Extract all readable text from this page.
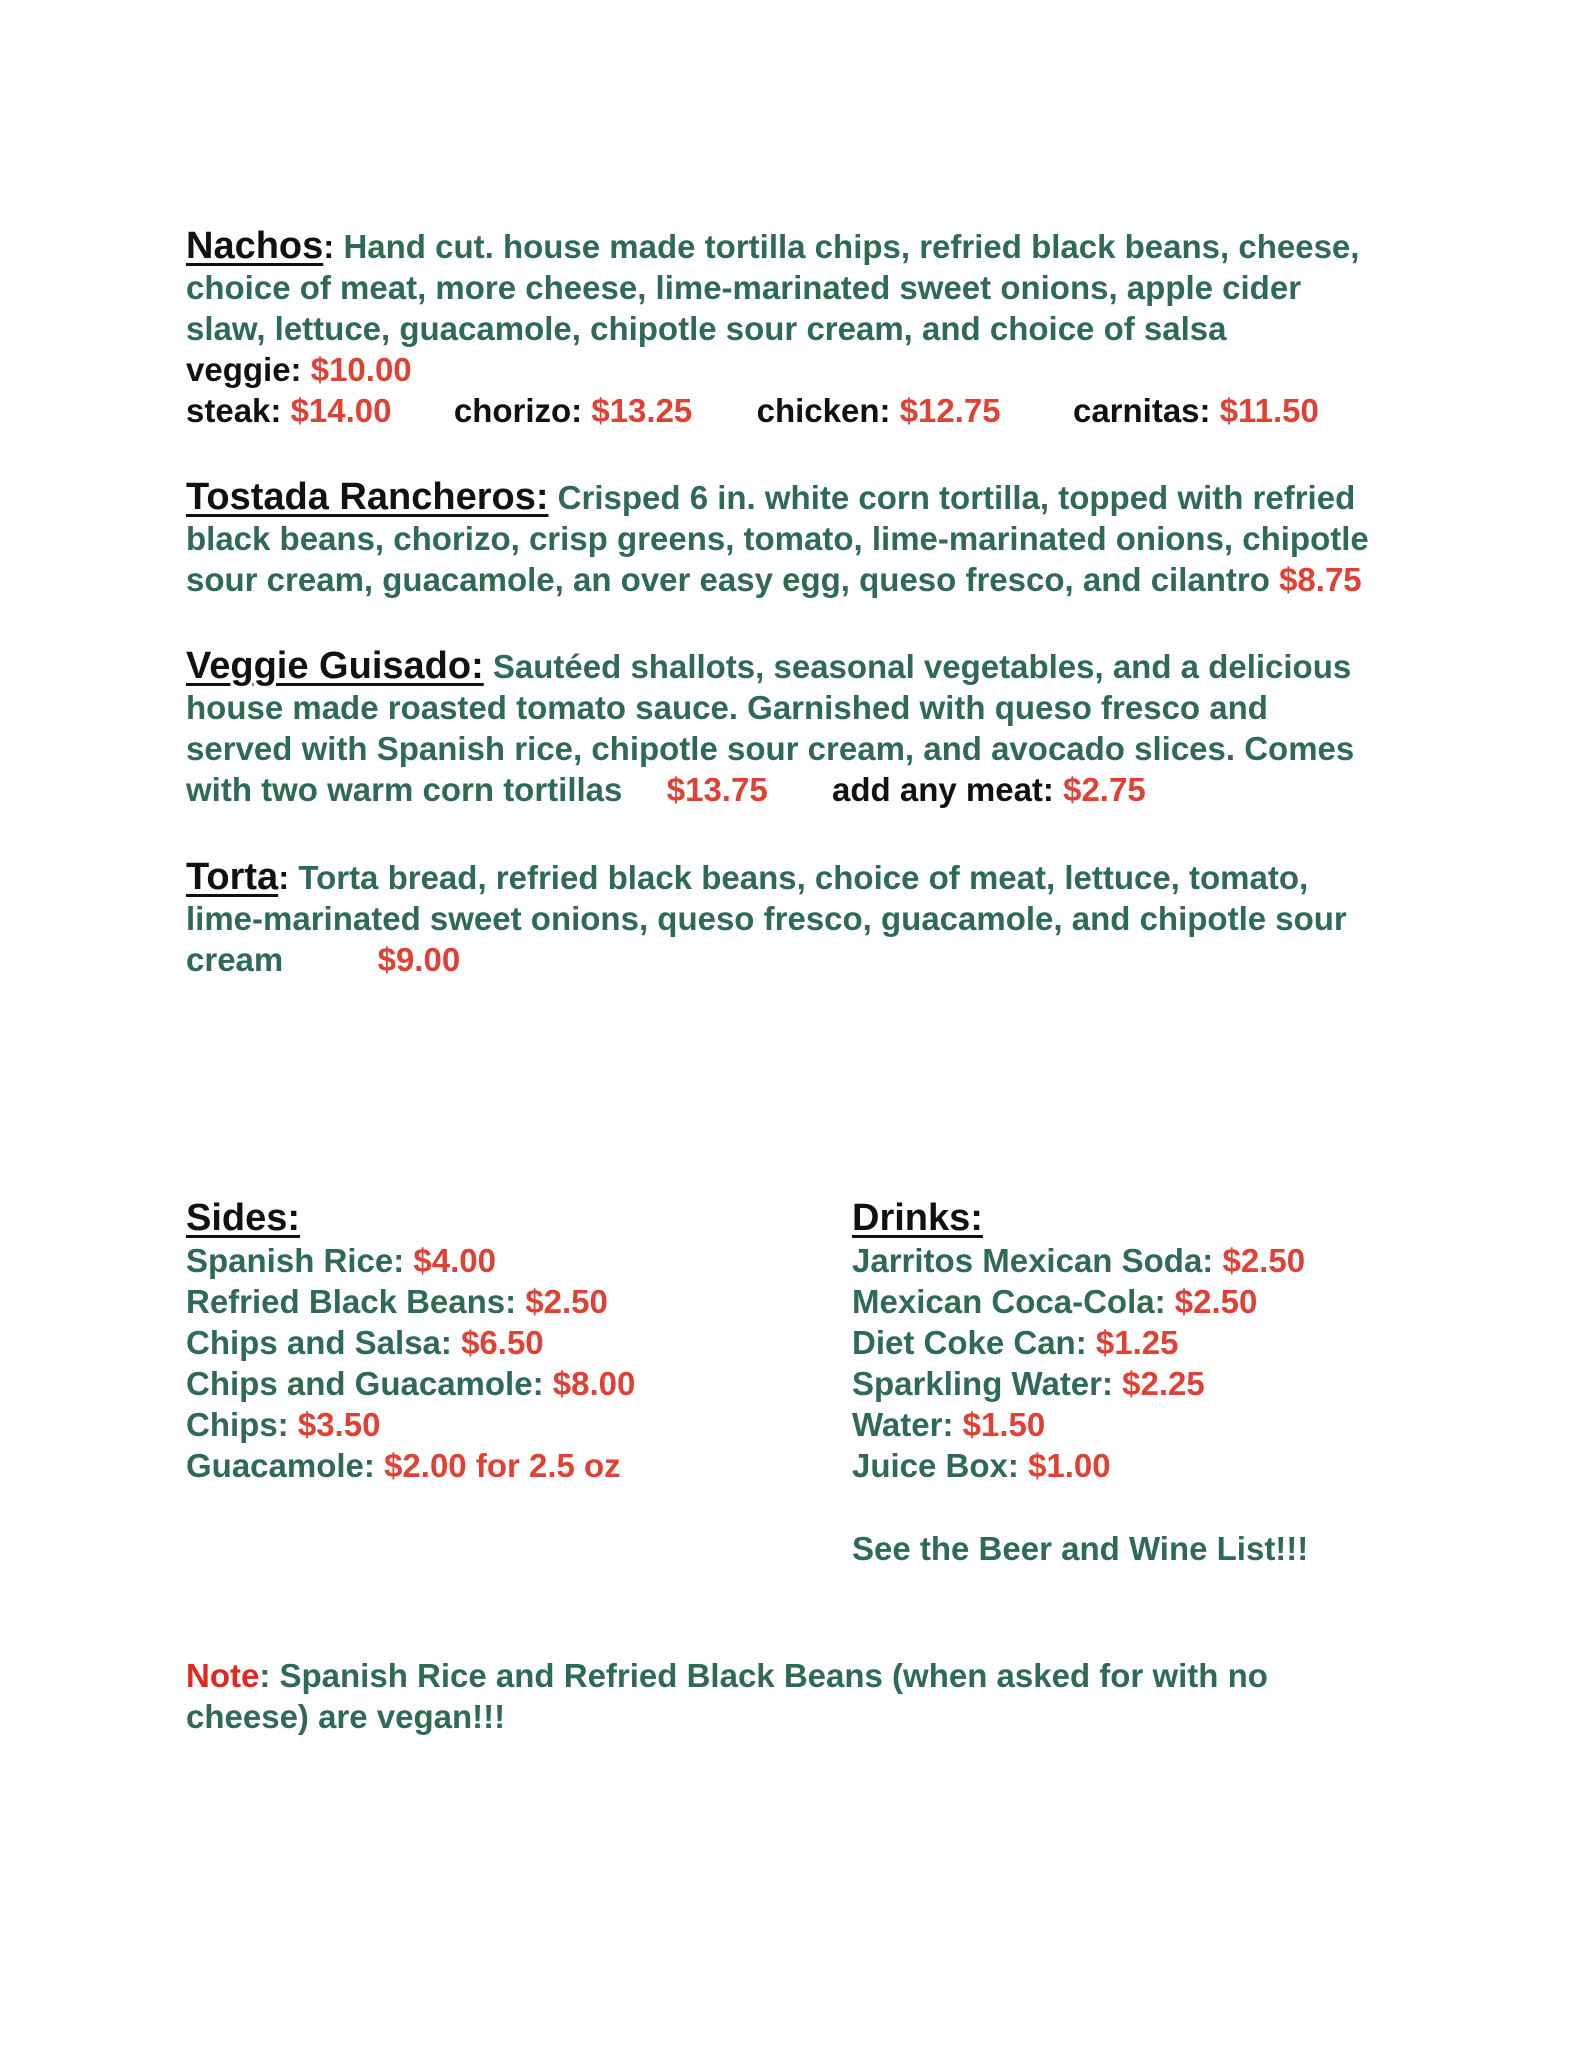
Nachos: Hand cut. house made tortilla chips, refried black beans, cheese,
choice of meat, more cheese, lime-marinated sweet onions, apple cider
slaw, lettuce, guacamole, chipotle sour cream, and choice of salsa
veggie: $10.00
steak: $14.00 chorizo: $13.25 chicken: $12.75 carnitas: $11.50
Tostada Rancheros: Crisped 6 in. white corn tortilla, topped with refried
black beans, chorizo, crisp greens, tomato, lime-marinated onions, chipotle
sour cream, guacamole, an over easy egg, queso fresco, and cilantro $8.75
Veggie Guisado: Sautéed shallots, seasonal vegetables, and a delicious
house made roasted tomato sauce. Garnished with queso fresco and
served with Spanish rice, chipotle sour cream, and avocado slices. Comes
with two warm corn tortillas $13.75 add any meat: $2.75
Torta: Torta bread, refried black beans, choice of meat, lettuce, tomato,
lime-marinated sweet onions, queso fresco, guacamole, and chipotle sour
cream	$9.00
Sides:
Spanish Rice: $4.00
Refried Black Beans: $2.50
Chips and Salsa: $6.50
Chips and Guacamole: $8.00
Chips: $3.50
Guacamole: $2.00 for 2.5 oz
Drinks:
Jarritos Mexican Soda: $2.50
Mexican Coca-Cola: $2.50
Diet Coke Can: $1.25
Sparkling Water: $2.25
Water: $1.50
Juice Box: $1.00
See the Beer and Wine List!!!
Note: Spanish Rice and Refried Black Beans (when asked for with no
cheese) are vegan!!!
